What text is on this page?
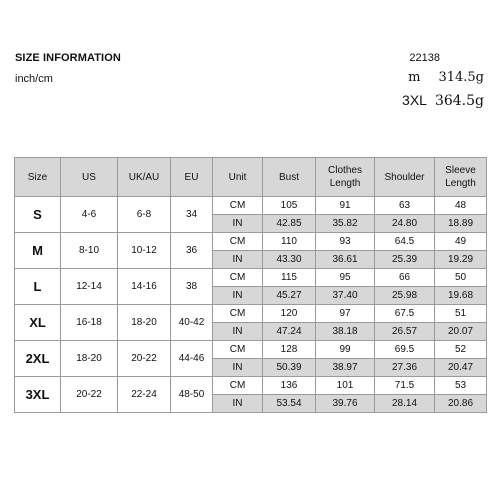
SIZE INFORMATION
inch/cm
22138
m 314.5g
3XL 364.5g
Size	US	UK/AU	EU	Unit	Bust	Clothes Length	Shoulder	Sleeve Length
S	4-6	6-8	34	CM	105	91	63	48
				IN	42.85	35.82	24.80	18.89
M	8-10	10-12	36	CM	110	93	64.5	49
				IN	43.30	36.61	25.39	19.29
L	12-14	14-16	38	CM	115	95	66	50
				IN	45.27	37.40	25.98	19.68
XL	16-18	18-20	40-42	CM	120	97	67.5	51
				IN	47.24	38.18	26.57	20.07
2XL	18-20	20-22	44-46	CM	128	99	69.5	52
				IN	50.39	38.97	27.36	20.47
3XL	20-22	22-24	48-50	CM	136	101	71.5	53
				IN	53.54	39.76	28.14	20.86
